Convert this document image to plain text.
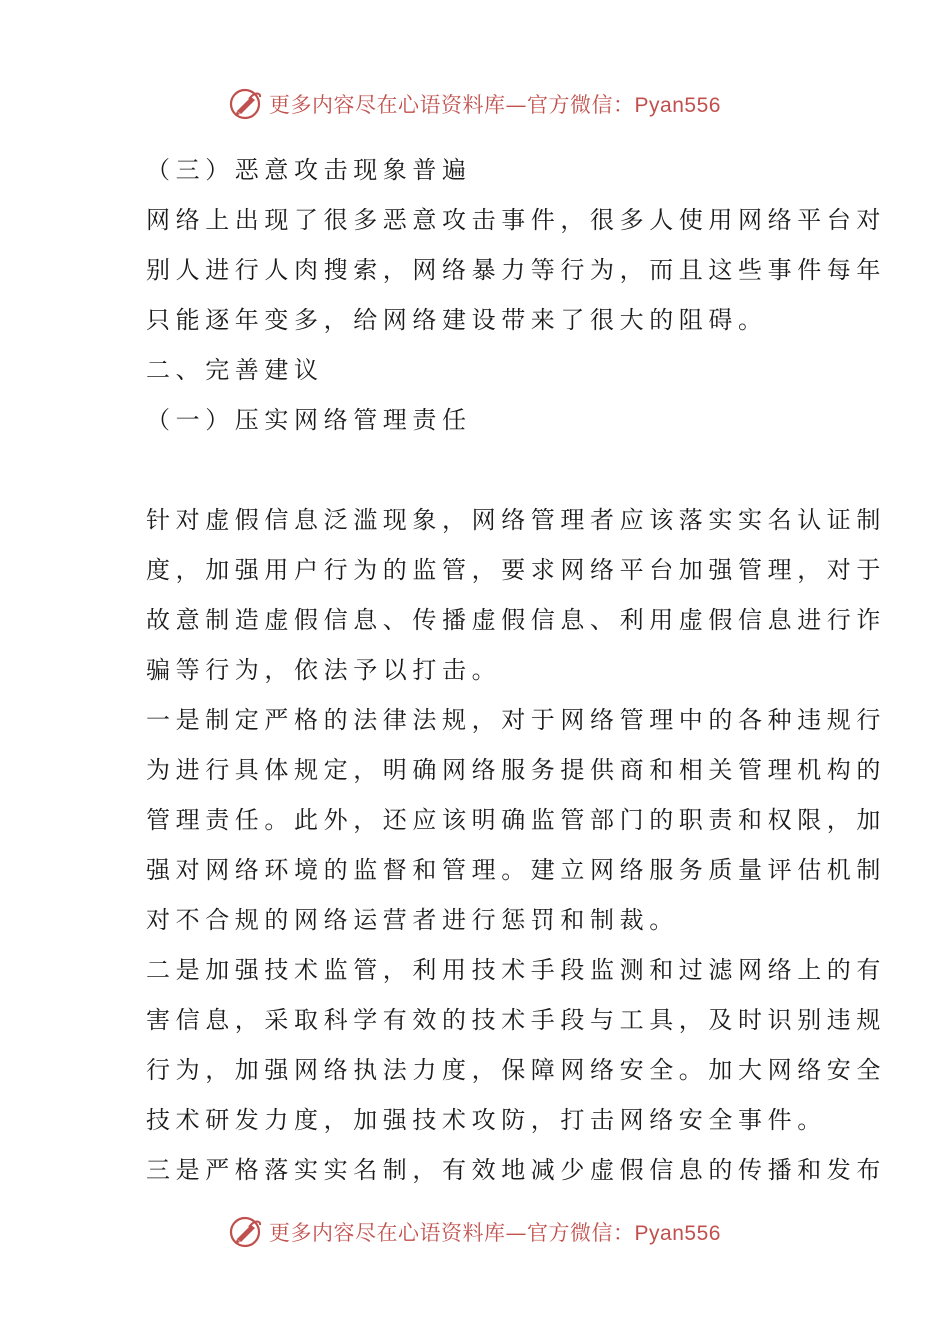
更多内容尽在心语资料库—官方微信：Pyan556
（三）恶意攻击现象普遍
网络上出现了很多恶意攻击事件，很多人使用网络平台对
别人进行人肉搜索，网络暴力等行为，而且这些事件每年
只能逐年变多，给网络建设带来了很大的阻碍。
二、完善建议
（一）压实网络管理责任
针对虚假信息泛滥现象，网络管理者应该落实实名认证制
度，加强用户行为的监管，要求网络平台加强管理，对于
故意制造虚假信息、传播虚假信息、利用虚假信息进行诈
骗等行为，依法予以打击。
一是制定严格的法律法规，对于网络管理中的各种违规行
为进行具体规定，明确网络服务提供商和相关管理机构的
管理责任。此外，还应该明确监管部门的职责和权限，加
强对网络环境的监督和管理。建立网络服务质量评估机制
对不合规的网络运营者进行惩罚和制裁。
二是加强技术监管，利用技术手段监测和过滤网络上的有
害信息，采取科学有效的技术手段与工具，及时识别违规
行为，加强网络执法力度，保障网络安全。加大网络安全
技术研发力度，加强技术攻防，打击网络安全事件。
三是严格落实实名制，有效地减少虚假信息的传播和发布
更多内容尽在心语资料库—官方微信：Pyan556
